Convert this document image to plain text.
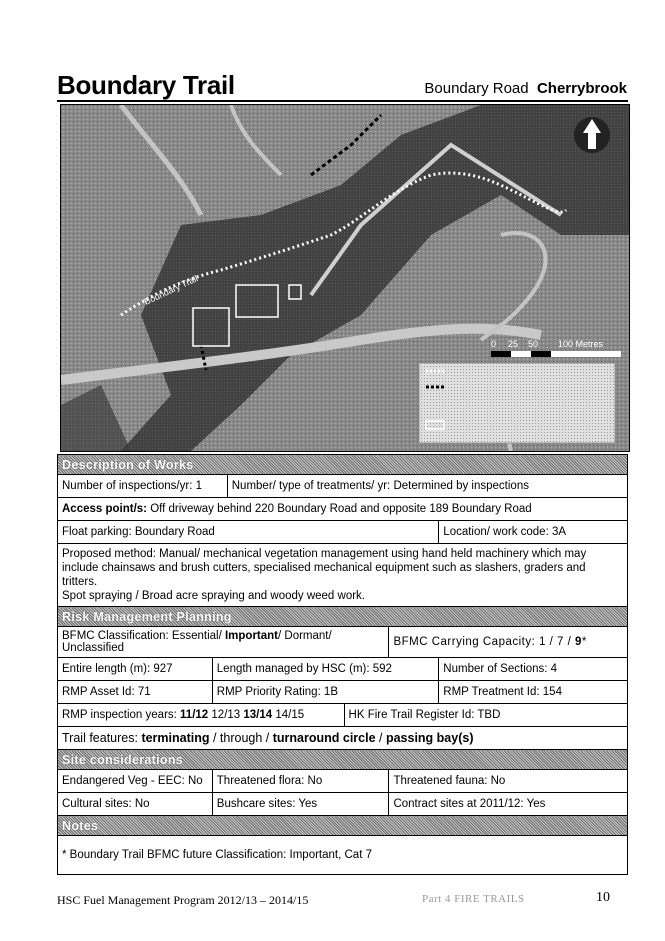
Boundary Trail	Boundary Road Cherrybrook
Boundary Trail
0 25 50 100 Metres
Description of Works					
Number of inspections/yr: 1		Number/ type of treatments/ yr: Determined by inspections			
Access point/s: Off driveway behind 220 Boundary Road and opposite 189 Boundary Road					
Float parking: Boundary Road					Location/ work code: 3A
Proposed method: Manual/ mechanical vegetation management using hand held machinery which may include chainsaws and brush cutters, specialised mechanical equipment such as slashers, graders and tritters.
Spot spraying / Broad acre spraying and woody weed work.					
Risk Management Planning					
BFMC Classification: Essential/ Important/ Dormant/ Unclassified				BFMC Carrying Capacity: 1 / 7 / 9*	
Entire length (m): 927	Length managed by HSC (m): 592				Number of Sections: 4
RMP Asset Id: 71	RMP Priority Rating: 1B				RMP Treatment Id: 154
RMP inspection years: 11/12 12/13 13/14 14/15			HK Fire Trail Register Id: TBD		
Trail features: terminating / through / turnaround circle / passing bay(s)					
Site considerations					
Endangered Veg - EEC: No	Threatened flora: No			Threatened fauna: No	
Cultural sites: No	Bushcare sites: Yes			Contract sites at 2011/12: Yes	
Notes					
* Boundary Trail BFMC future Classification: Important, Cat 7					
HSC Fuel Management Program 2012/13 – 2014/15	Part 4 FIRE TRAILS	10
